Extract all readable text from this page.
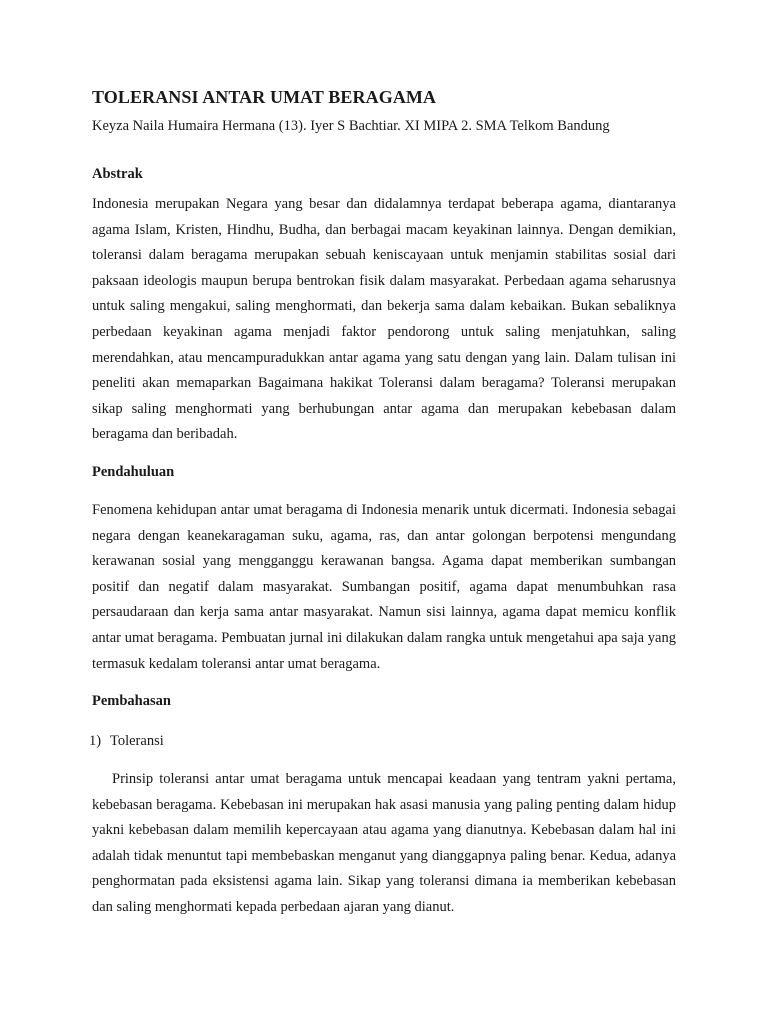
TOLERANSI ANTAR UMAT BERAGAMA

Keyza Naila Humaira Hermana (13). Iyer S Bachtiar. XI MIPA 2. SMA Telkom Bandung

Abstrak

Indonesia merupakan Negara yang besar dan didalamnya terdapat beberapa agama, diantaranya agama Islam, Kristen, Hindhu, Budha, dan berbagai macam keyakinan lainnya. Dengan demikian, toleransi dalam beragama merupakan sebuah keniscayaan untuk menjamin stabilitas sosial dari paksaan ideologis maupun berupa bentrokan fisik dalam masyarakat. Perbedaan agama seharusnya untuk saling mengakui, saling menghormati, dan bekerja sama dalam kebaikan. Bukan sebaliknya perbedaan keyakinan agama menjadi faktor pendorong untuk saling menjatuhkan, saling merendahkan, atau mencampuradukkan antar agama yang satu dengan yang lain. Dalam tulisan ini peneliti akan memaparkan Bagaimana hakikat Toleransi dalam beragama? Toleransi merupakan sikap saling menghormati yang berhubungan antar agama dan merupakan kebebasan dalam beragama dan beribadah.

Pendahuluan

Fenomena kehidupan antar umat beragama di Indonesia menarik untuk dicermati. Indonesia sebagai negara dengan keanekaragaman suku, agama, ras, dan antar golongan berpotensi mengundang kerawanan sosial yang mengganggu kerawanan bangsa. Agama dapat memberikan sumbangan positif dan negatif dalam masyarakat. Sumbangan positif, agama dapat menumbuhkan rasa persaudaraan dan kerja sama antar masyarakat. Namun sisi lainnya, agama dapat memicu konflik antar umat beragama. Pembuatan jurnal ini dilakukan dalam rangka untuk mengetahui apa saja yang termasuk kedalam toleransi antar umat beragama.

Pembahasan
1) Toleransi

Prinsip toleransi antar umat beragama untuk mencapai keadaan yang tentram yakni pertama, kebebasan beragama. Kebebasan ini merupakan hak asasi manusia yang paling penting dalam hidup yakni kebebasan dalam memilih kepercayaan atau agama yang dianutnya. Kebebasan dalam hal ini adalah tidak menuntut tapi membebaskan menganut yang dianggapnya paling benar. Kedua, adanya penghormatan pada eksistensi agama lain. Sikap yang toleransi dimana ia memberikan kebebasan dan saling menghormati kepada perbedaan ajaran yang dianut.
